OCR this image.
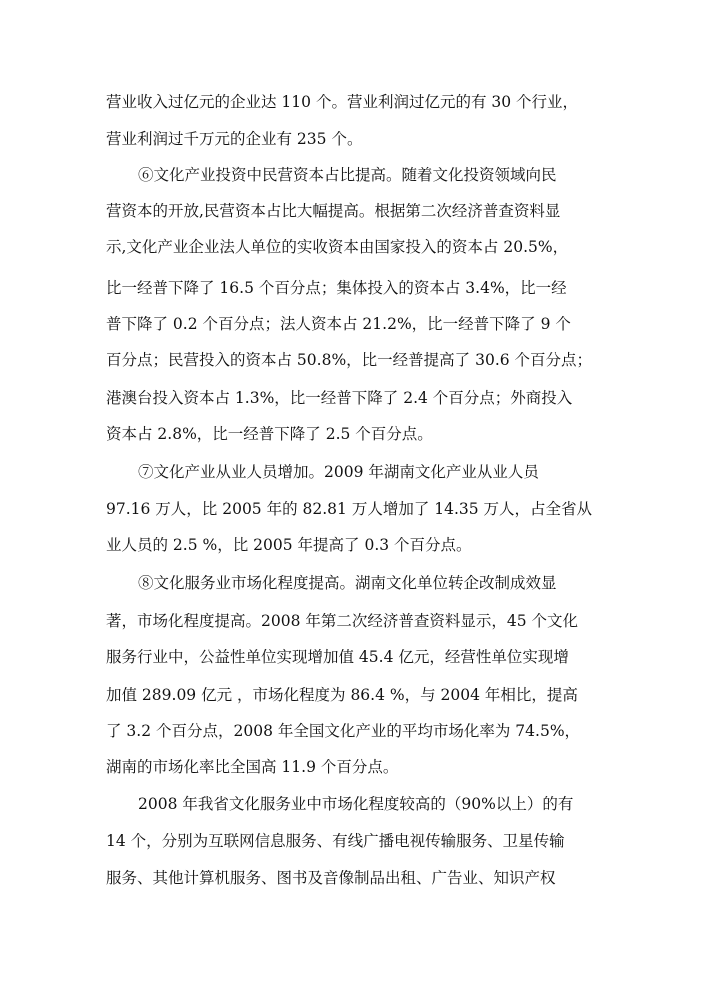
营业收入过亿元的企业达 110 个。营业利润过亿元的有 30 个行业，
营业利润过千万元的企业有 235 个。
⑥文化产业投资中民营资本占比提高。随着文化投资领域向民
营资本的开放,民营资本占比大幅提高。根据第二次经济普查资料显
示,文化产业企业法人单位的实收资本由国家投入的资本占 20.5%，
比一经普下降了 16.5 个百分点；集体投入的资本占 3.4%，比一经
普下降了 0.2 个百分点；法人资本占 21.2%，比一经普下降了 9 个
百分点；民营投入的资本占 50.8%，比一经普提高了 30.6 个百分点；
港澳台投入资本占 1.3%，比一经普下降了 2.4 个百分点；外商投入
资本占 2.8%，比一经普下降了 2.5 个百分点。
⑦文化产业从业人员增加。2009 年湖南文化产业从业人员
97.16 万人，比 2005 年的 82.81 万人增加了 14.35 万人，占全省从
业人员的 2.5 %，比 2005 年提高了 0.3 个百分点。
⑧文化服务业市场化程度提高。湖南文化单位转企改制成效显
著，市场化程度提高。2008 年第二次经济普查资料显示，45 个文化
服务行业中，公益性单位实现增加值 45.4 亿元，经营性单位实现增
加值 289.09 亿元 ，市场化程度为 86.4 %，与 2004 年相比，提高
了 3.2 个百分点，2008 年全国文化产业的平均市场化率为 74.5%，
湖南的市场化率比全国高 11.9 个百分点。
2008 年我省文化服务业中市场化程度较高的（90%以上）的有
14 个，分别为互联网信息服务、有线广播电视传输服务、卫星传输
服务、其他计算机服务、图书及音像制品出租、广告业、知识产权
